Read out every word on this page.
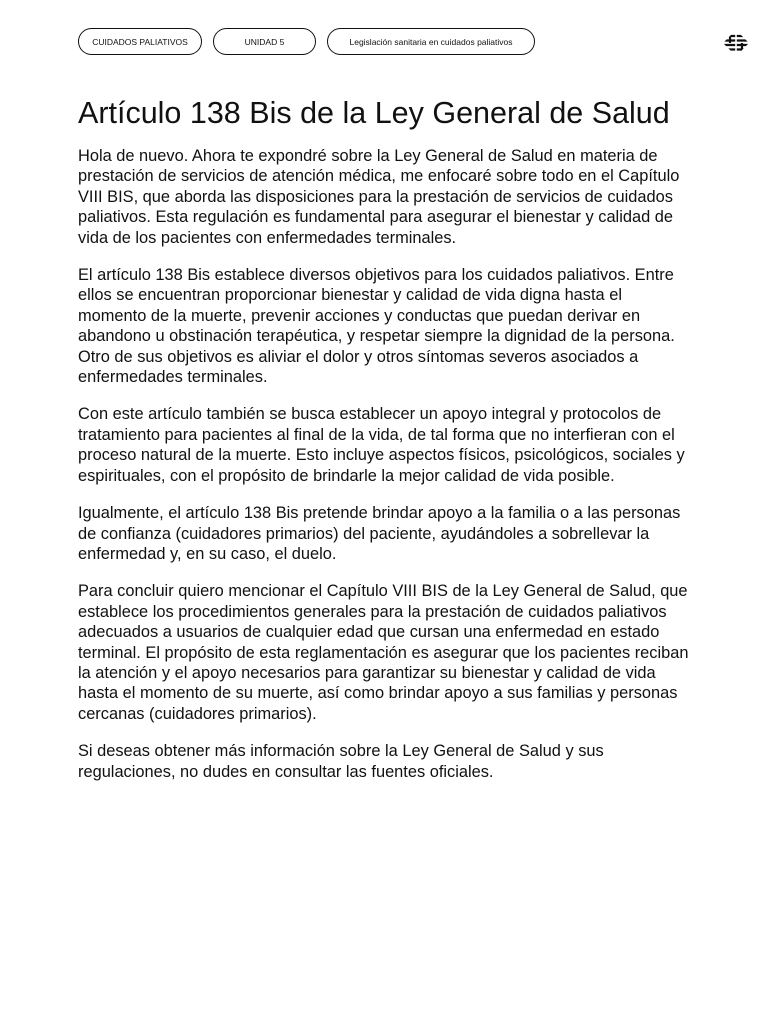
CUIDADOS PALIATIVOS	UNIDAD 5	Legislación sanitaria en cuidados paliativos
Artículo 138 Bis de la Ley General de Salud

Hola de nuevo. Ahora te expondré sobre la Ley General de Salud en materia de prestación de servicios de atención médica, me enfocaré sobre todo en el Capítulo VIII BIS, que aborda las disposiciones para la prestación de servicios de cuidados paliativos. Esta regulación es fundamental para asegurar el bienestar y calidad de vida de los pacientes con enfermedades terminales.

El artículo 138 Bis establece diversos objetivos para los cuidados paliativos. Entre ellos se encuentran proporcionar bienestar y calidad de vida digna hasta el momento de la muerte, prevenir acciones y conductas que puedan derivar en abandono u obstinación terapéutica, y respetar siempre la dignidad de la persona. Otro de sus objetivos es aliviar el dolor y otros síntomas severos asociados a enfermedades terminales.

Con este artículo también se busca establecer un apoyo integral y protocolos de tratamiento para pacientes al final de la vida, de tal forma que no interfieran con el proceso natural de la muerte. Esto incluye aspectos físicos, psicológicos, sociales y espirituales, con el propósito de brindarle la mejor calidad de vida posible.

Igualmente, el artículo 138 Bis pretende brindar apoyo a la familia o a las personas de confianza (cuidadores primarios) del paciente, ayudándoles a sobrellevar la enfermedad y, en su caso, el duelo.

Para concluir quiero mencionar el Capítulo VIII BIS de la Ley General de Salud, que establece los procedimientos generales para la prestación de cuidados paliativos adecuados a usuarios de cualquier edad que cursan una enfermedad en estado terminal. El propósito de esta reglamentación es asegurar que los pacientes reciban la atención y el apoyo necesarios para garantizar su bienestar y calidad de vida hasta el momento de su muerte, así como brindar apoyo a sus familias y personas cercanas (cuidadores primarios).

Si deseas obtener más información sobre la Ley General de Salud y sus regulaciones, no dudes en consultar las fuentes oficiales.
